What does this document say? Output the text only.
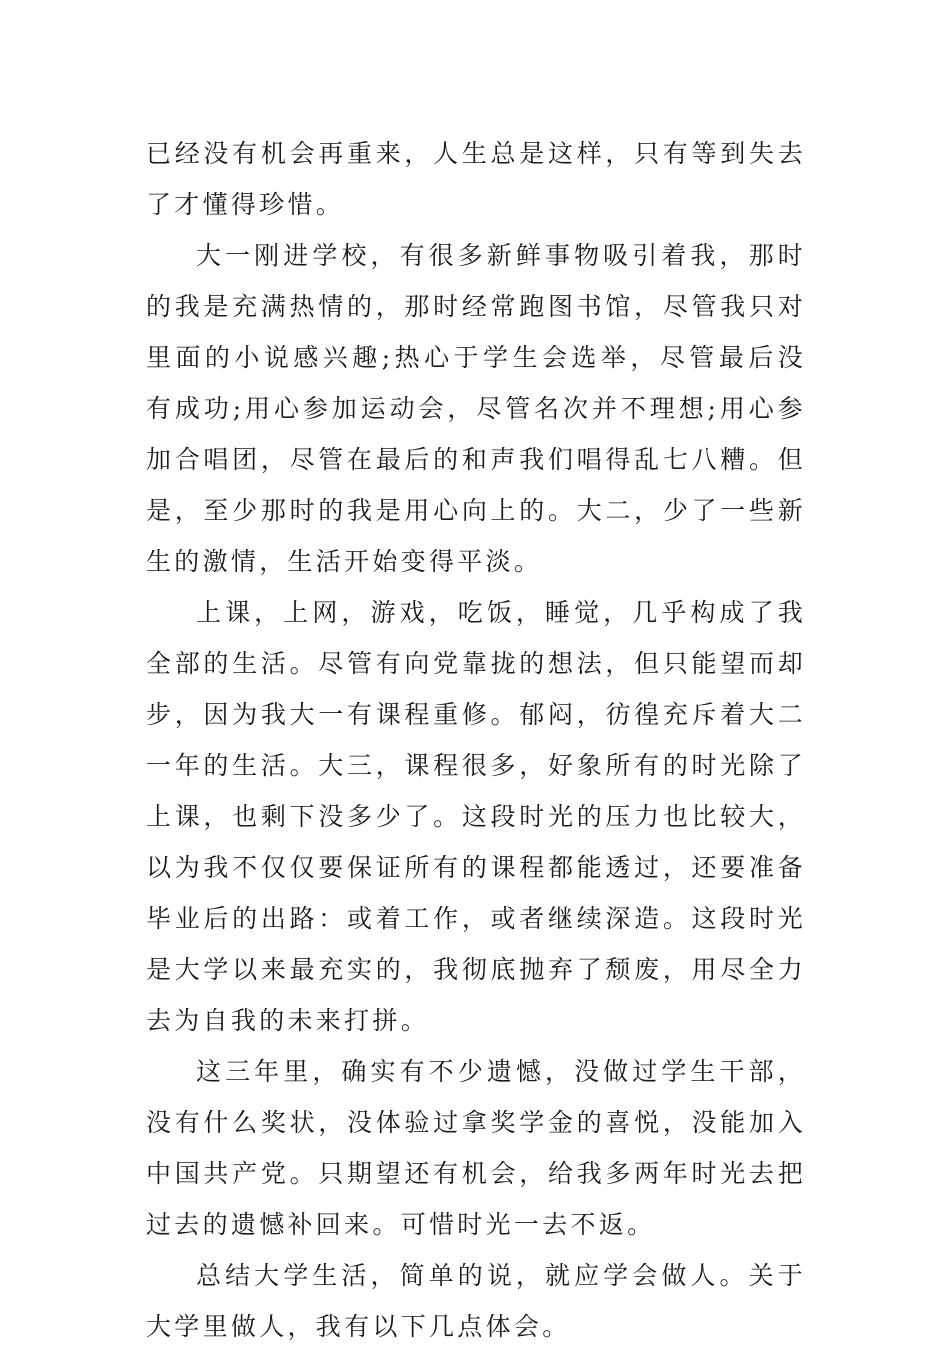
已经没有机会再重来，人生总是这样，只有等到失去了才懂得珍惜。

大一刚进学校，有很多新鲜事物吸引着我，那时的我是充满热情的，那时经常跑图书馆，尽管我只对里面的小说感兴趣;热心于学生会选举，尽管最后没有成功;用心参加运动会，尽管名次并不理想;用心参加合唱团，尽管在最后的和声我们唱得乱七八糟。但是，至少那时的我是用心向上的。大二，少了一些新生的激情，生活开始变得平淡。

上课，上网，游戏，吃饭，睡觉，几乎构成了我全部的生活。尽管有向党靠拢的想法，但只能望而却步，因为我大一有课程重修。郁闷，彷徨充斥着大二一年的生活。大三，课程很多，好象所有的时光除了上课，也剩下没多少了。这段时光的压力也比较大，以为我不仅仅要保证所有的课程都能透过，还要准备毕业后的出路：或着工作，或者继续深造。这段时光是大学以来最充实的，我彻底抛弃了颓废，用尽全力去为自我的未来打拼。

这三年里，确实有不少遗憾，没做过学生干部，没有什么奖状，没体验过拿奖学金的喜悦，没能加入中国共产党。只期望还有机会，给我多两年时光去把过去的遗憾补回来。可惜时光一去不返。

总结大学生活，简单的说，就应学会做人。关于大学里做人，我有以下几点体会。
